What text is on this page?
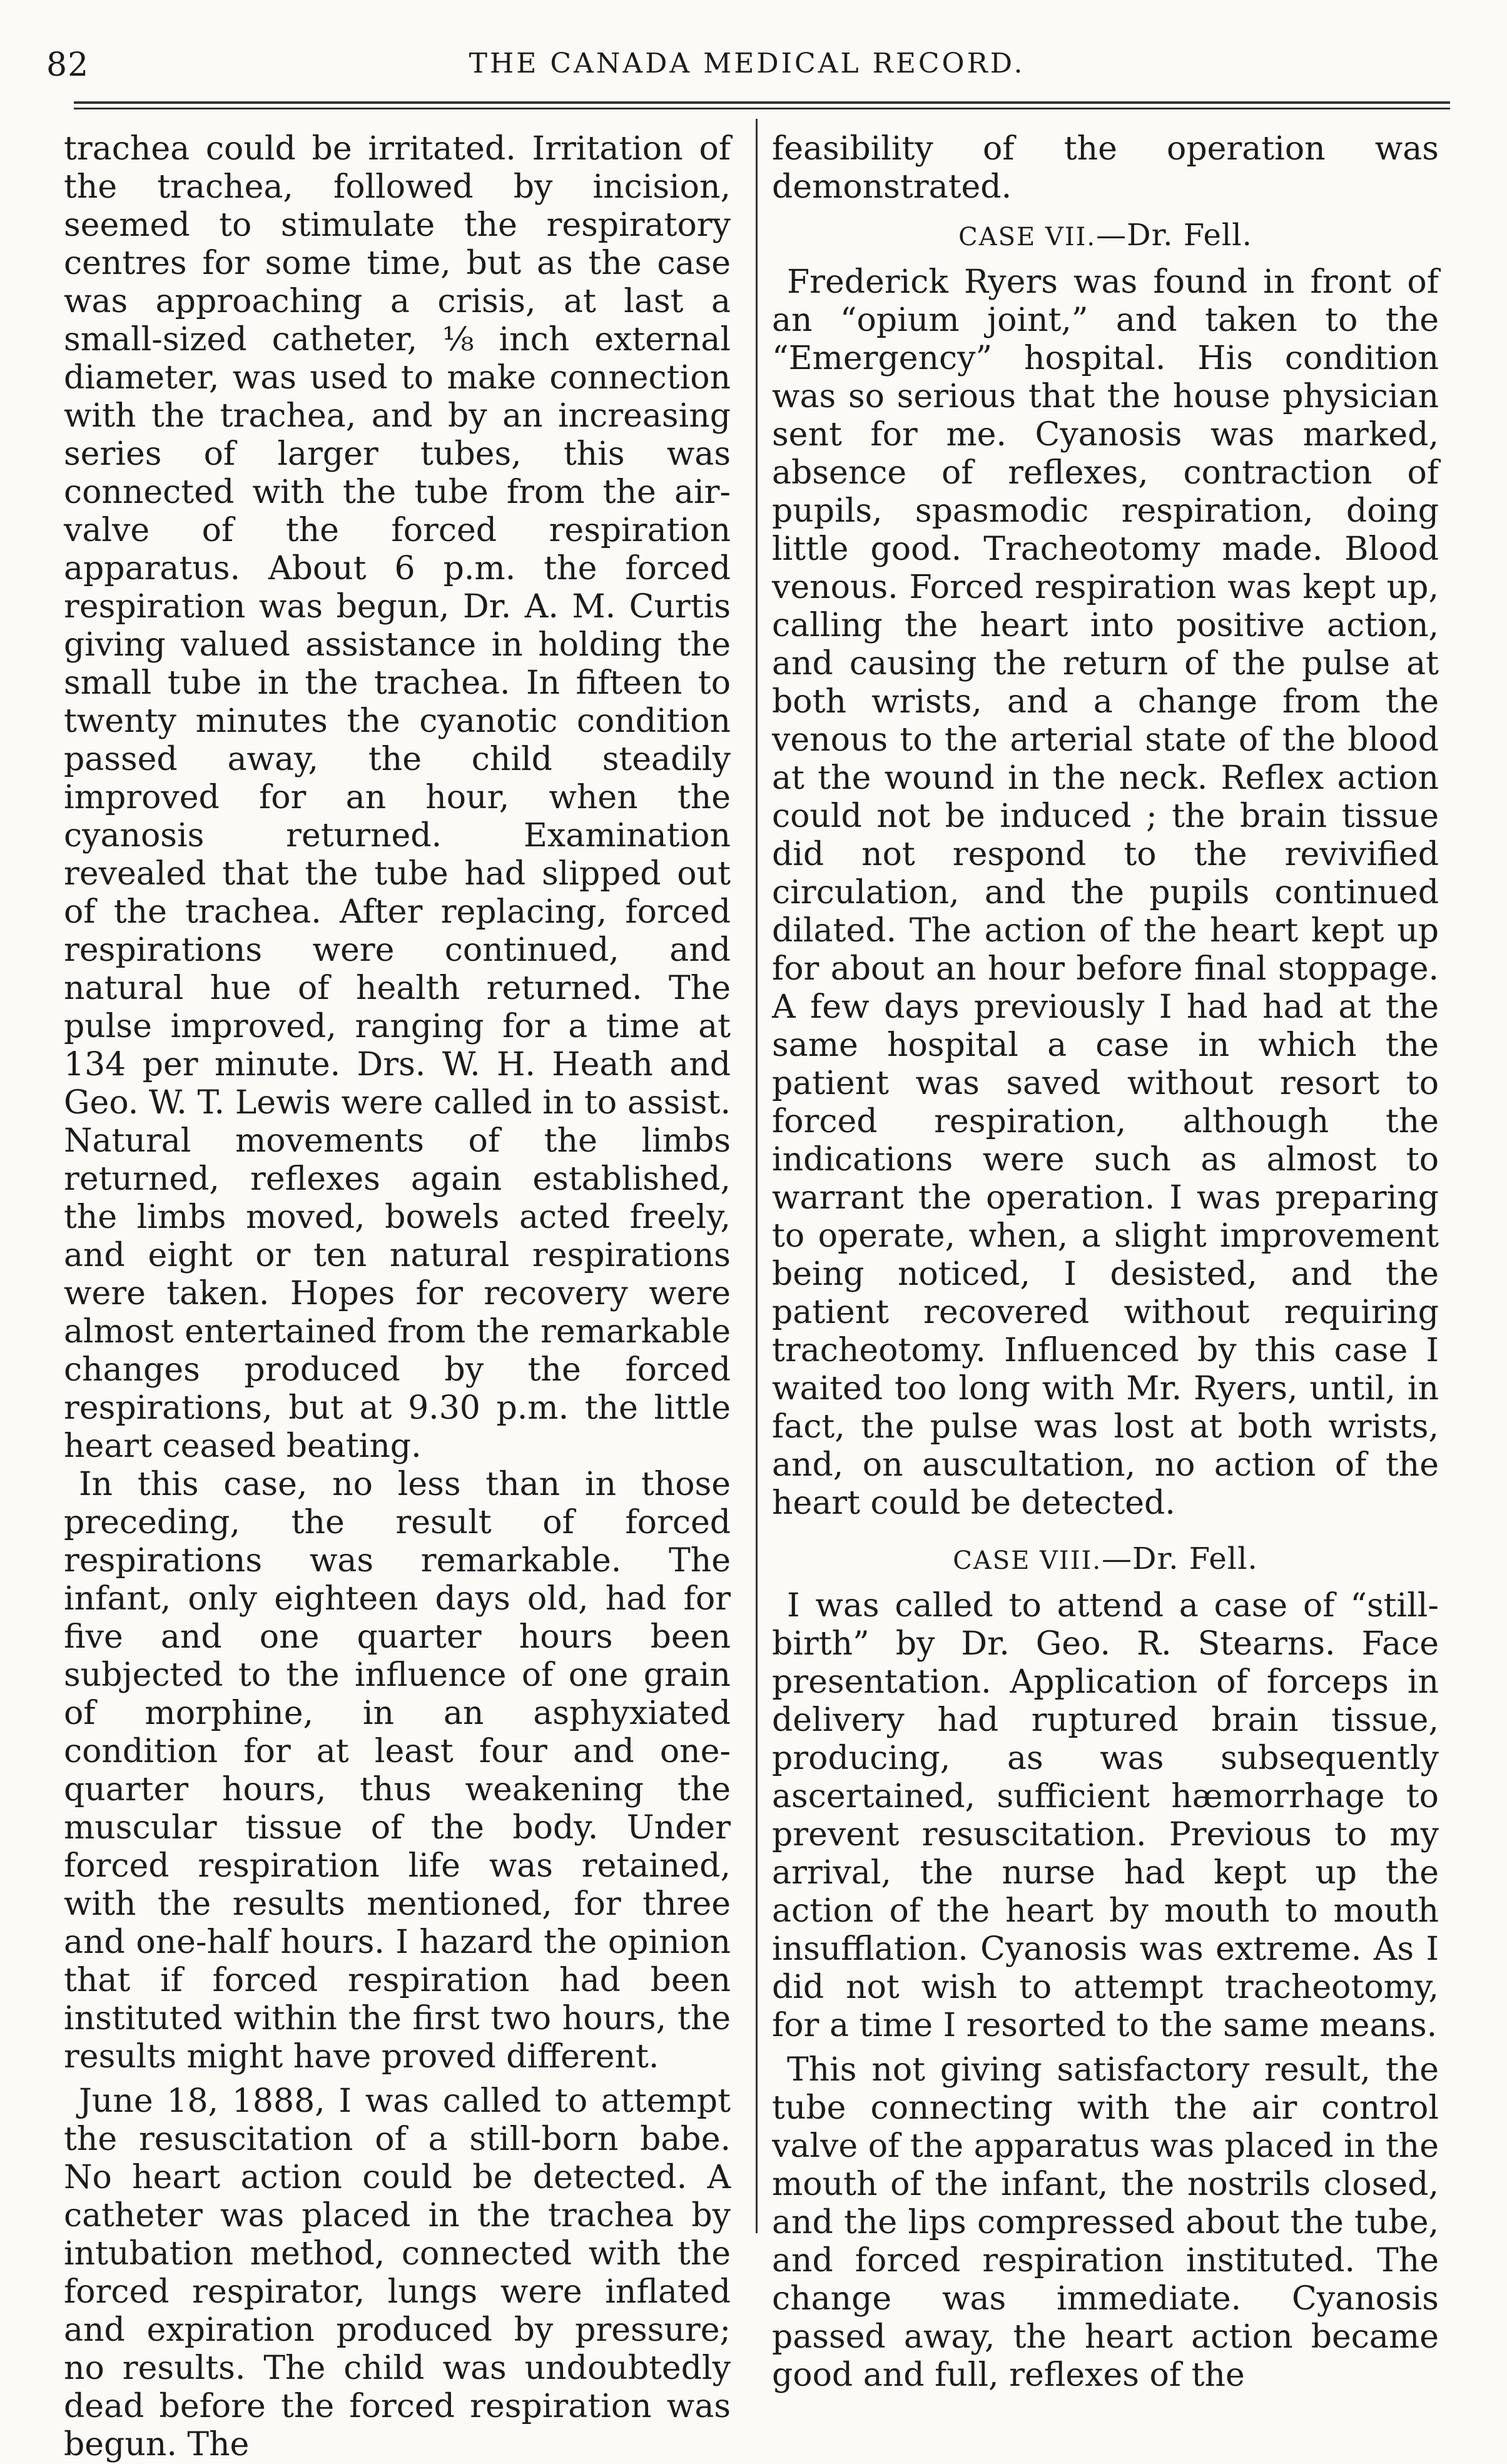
82	THE CANADA MEDICAL RECORD.

trachea could be irritated. Irritation of the trachea, followed by incision, seemed to stimulate the respiratory centres for some time, but as the case was approaching a crisis, at last a small-sized catheter, ⅛ inch external diameter, was used to make connection with the trachea, and by an increasing series of larger tubes, this was connected with the tube from the air-valve of the forced respiration apparatus. About 6 p.m. the forced respiration was begun, Dr. A. M. Curtis giving valued assistance in holding the small tube in the trachea. In fifteen to twenty minutes the cyanotic condition passed away, the child steadily improved for an hour, when the cyanosis returned. Examination revealed that the tube had slipped out of the trachea. After replacing, forced respirations were continued, and natural hue of health returned. The pulse improved, ranging for a time at 134 per minute. Drs. W. H. Heath and Geo. W. T. Lewis were called in to assist. Natural movements of the limbs returned, reflexes again established, the limbs moved, bowels acted freely, and eight or ten natural respirations were taken. Hopes for recovery were almost entertained from the remarkable changes produced by the forced respirations, but at 9.30 p.m. the little heart ceased beating.

In this case, no less than in those preceding, the result of forced respirations was remarkable. The infant, only eighteen days old, had for five and one quarter hours been subjected to the influence of one grain of morphine, in an asphyxiated condition for at least four and one-quarter hours, thus weakening the muscular tissue of the body. Under forced respiration life was retained, with the results mentioned, for three and one-half hours. I hazard the opinion that if forced respiration had been instituted within the first two hours, the results might have proved different.

June 18, 1888, I was called to attempt the resuscitation of a still-born babe. No heart action could be detected. A catheter was placed in the trachea by intubation method, connected with the forced respirator, lungs were inflated and expiration produced by pressure; no results. The child was undoubtedly dead before the forced respiration was begun. The

feasibility of the operation was demonstrated.

CASE VII.—Dr. Fell.

Frederick Ryers was found in front of an “opium joint,” and taken to the “Emergency” hospital. His condition was so serious that the house physician sent for me. Cyanosis was marked, absence of reflexes, contraction of pupils, spasmodic respiration, doing little good. Tracheotomy made. Blood venous. Forced respiration was kept up, calling the heart into positive action, and causing the return of the pulse at both wrists, and a change from the venous to the arterial state of the blood at the wound in the neck. Reflex action could not be induced ; the brain tissue did not respond to the revivified circulation, and the pupils continued dilated. The action of the heart kept up for about an hour before final stoppage. A few days previously I had had at the same hospital a case in which the patient was saved without resort to forced respiration, although the indications were such as almost to warrant the operation. I was preparing to operate, when, a slight improvement being noticed, I desisted, and the patient recovered without requiring tracheotomy. Influenced by this case I waited too long with Mr. Ryers, until, in fact, the pulse was lost at both wrists, and, on auscultation, no action of the heart could be detected.

CASE VIII.—Dr. Fell.

I was called to attend a case of “still-birth” by Dr. Geo. R. Stearns. Face presentation. Application of forceps in delivery had ruptured brain tissue, producing, as was subsequently ascertained, sufficient hæmorrhage to prevent resuscitation. Previous to my arrival, the nurse had kept up the action of the heart by mouth to mouth insufflation. Cyanosis was extreme. As I did not wish to attempt tracheotomy, for a time I resorted to the same means.

This not giving satisfactory result, the tube connecting with the air control valve of the apparatus was placed in the mouth of the infant, the nostrils closed, and the lips compressed about the tube, and forced respiration instituted. The change was immediate. Cyanosis passed away, the heart action became good and full, reflexes of the
